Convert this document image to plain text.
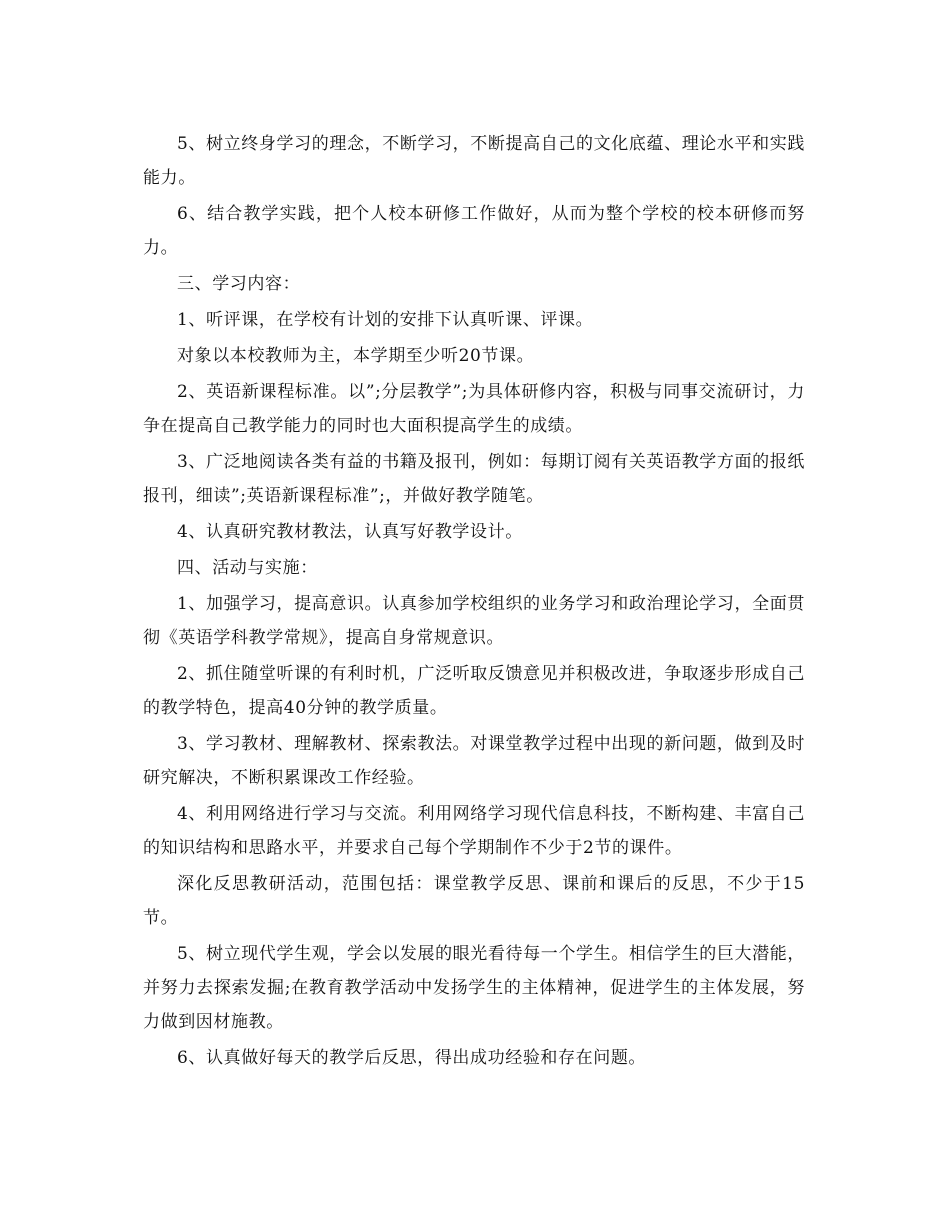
5、树立终身学习的理念，不断学习，不断提高自己的文化底蕴、理论水平和实践能力。

6、结合教学实践，把个人校本研修工作做好，从而为整个学校的校本研修而努力。

三、学习内容：

1、听评课，在学校有计划的安排下认真听课、评课。

对象以本校教师为主，本学期至少听20节课。

2、英语新课程标准。以”;分层教学”;为具体研修内容，积极与同事交流研讨，力争在提高自己教学能力的同时也大面积提高学生的成绩。

3、广泛地阅读各类有益的书籍及报刊，例如：每期订阅有关英语教学方面的报纸报刊，细读”;英语新课程标准”;，并做好教学随笔。

4、认真研究教材教法，认真写好教学设计。

四、活动与实施：

1、加强学习，提高意识。认真参加学校组织的业务学习和政治理论学习，全面贯彻《英语学科教学常规》，提高自身常规意识。

2、抓住随堂听课的有利时机，广泛听取反馈意见并积极改进，争取逐步形成自己的教学特色，提高40分钟的教学质量。

3、学习教材、理解教材、探索教法。对课堂教学过程中出现的新问题，做到及时研究解决，不断积累课改工作经验。

4、利用网络进行学习与交流。利用网络学习现代信息科技，不断构建、丰富自己的知识结构和思路水平，并要求自己每个学期制作不少于2节的课件。

深化反思教研活动，范围包括：课堂教学反思、课前和课后的反思，不少于15节。

5、树立现代学生观，学会以发展的眼光看待每一个学生。相信学生的巨大潜能，并努力去探索发掘;在教育教学活动中发扬学生的主体精神，促进学生的主体发展，努力做到因材施教。

6、认真做好每天的教学后反思，得出成功经验和存在问题。
